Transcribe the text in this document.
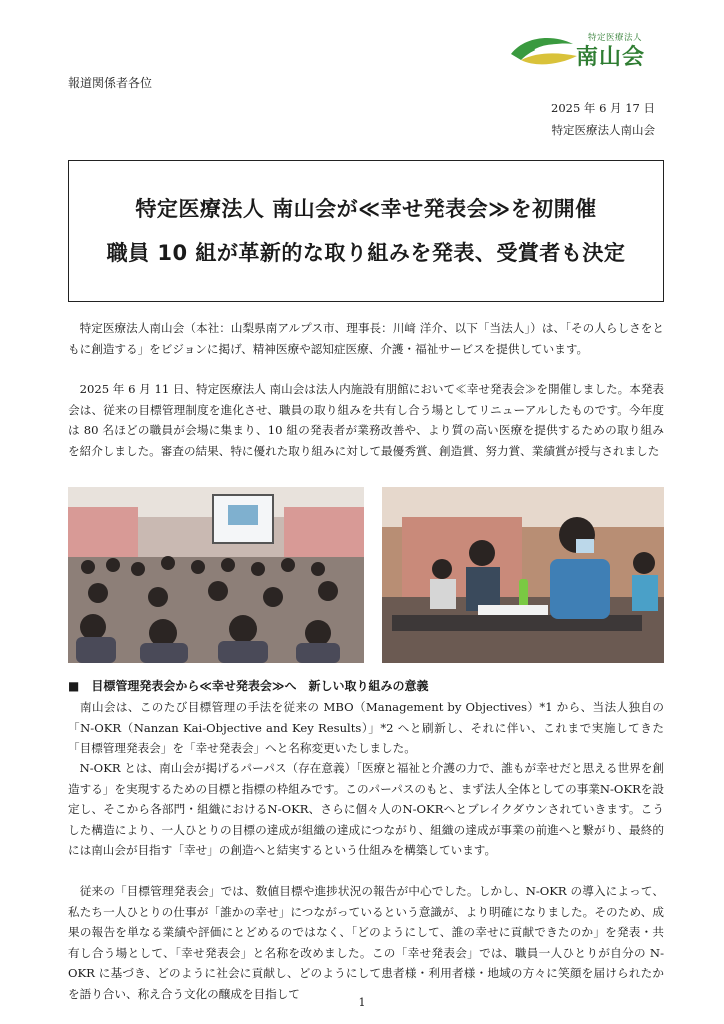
特定医療法人
南山会
報道関係者各位
2025 年 6 月 17 日
特定医療法人南山会
特定医療法人 南山会が≪幸せ発表会≫を初開催
職員 10 組が革新的な取り組みを発表、受賞者も決定

　特定医療法人南山会（本社：山梨県南アルプス市、理事長：川﨑 洋介、以下「当法人」）は、「その人らしさをともに創造する」をビジョンに掲げ、精神医療や認知症医療、介護・福祉サービスを提供しています。

　2025 年 6 月 11 日、特定医療法人 南山会は法人内施設有朋館において≪幸せ発表会≫を開催しました。本発表会は、従来の目標管理制度を進化させ、職員の取り組みを共有し合う場としてリニューアルしたものです。今年度は 80 名ほどの職員が会場に集まり、10 組の発表者が業務改善や、より質の高い医療を提供するための取り組みを紹介しました。審査の結果、特に優れた取り組みに対して最優秀賞、創造賞、努力賞、業績賞が授与されました

■　目標管理発表会から≪幸せ発表会≫へ　新しい取り組みの意義

　南山会は、このたび目標管理の手法を従来の MBO（Management by Objectives）*1 から、当法人独自の「N-OKR（Nanzan Kai-Objective and Key Results）」*2 へと刷新し、それに伴い、これまで実施してきた「目標管理発表会」を「幸せ発表会」へと名称変更いたしました。

　N-OKR とは、南山会が掲げるパーパス（存在意義）「医療と福祉と介護の力で、誰もが幸せだと思える世界を創造する」を実現するための目標と指標の枠組みです。このパーパスのもと、まず法人全体としての事業N-OKRを設定し、そこから各部門・組織におけるN-OKR、さらに個々人のN-OKRへとブレイクダウンされていきます。こうした構造により、一人ひとりの目標の達成が組織の達成につながり、組織の達成が事業の前進へと繋がり、最終的には南山会が目指す「幸せ」の創造へと結実するという仕組みを構築しています。

　従来の「目標管理発表会」では、数値目標や進捗状況の報告が中心でした。しかし、N-OKR の導入によって、私たち一人ひとりの仕事が「誰かの幸せ」につながっているという意識が、より明確になりました。そのため、成果の報告を単なる業績や評価にとどめるのではなく、「どのようにして、誰の幸せに貢献できたのか」を発表・共有し合う場として、「幸せ発表会」と名称を改めました。この「幸せ発表会」では、職員一人ひとりが自分の N-OKR に基づき、どのように社会に貢献し、どのようにして患者様・利用者様・地域の方々に笑顔を届けられたかを語り合い、称え合う文化の醸成を目指して

1
